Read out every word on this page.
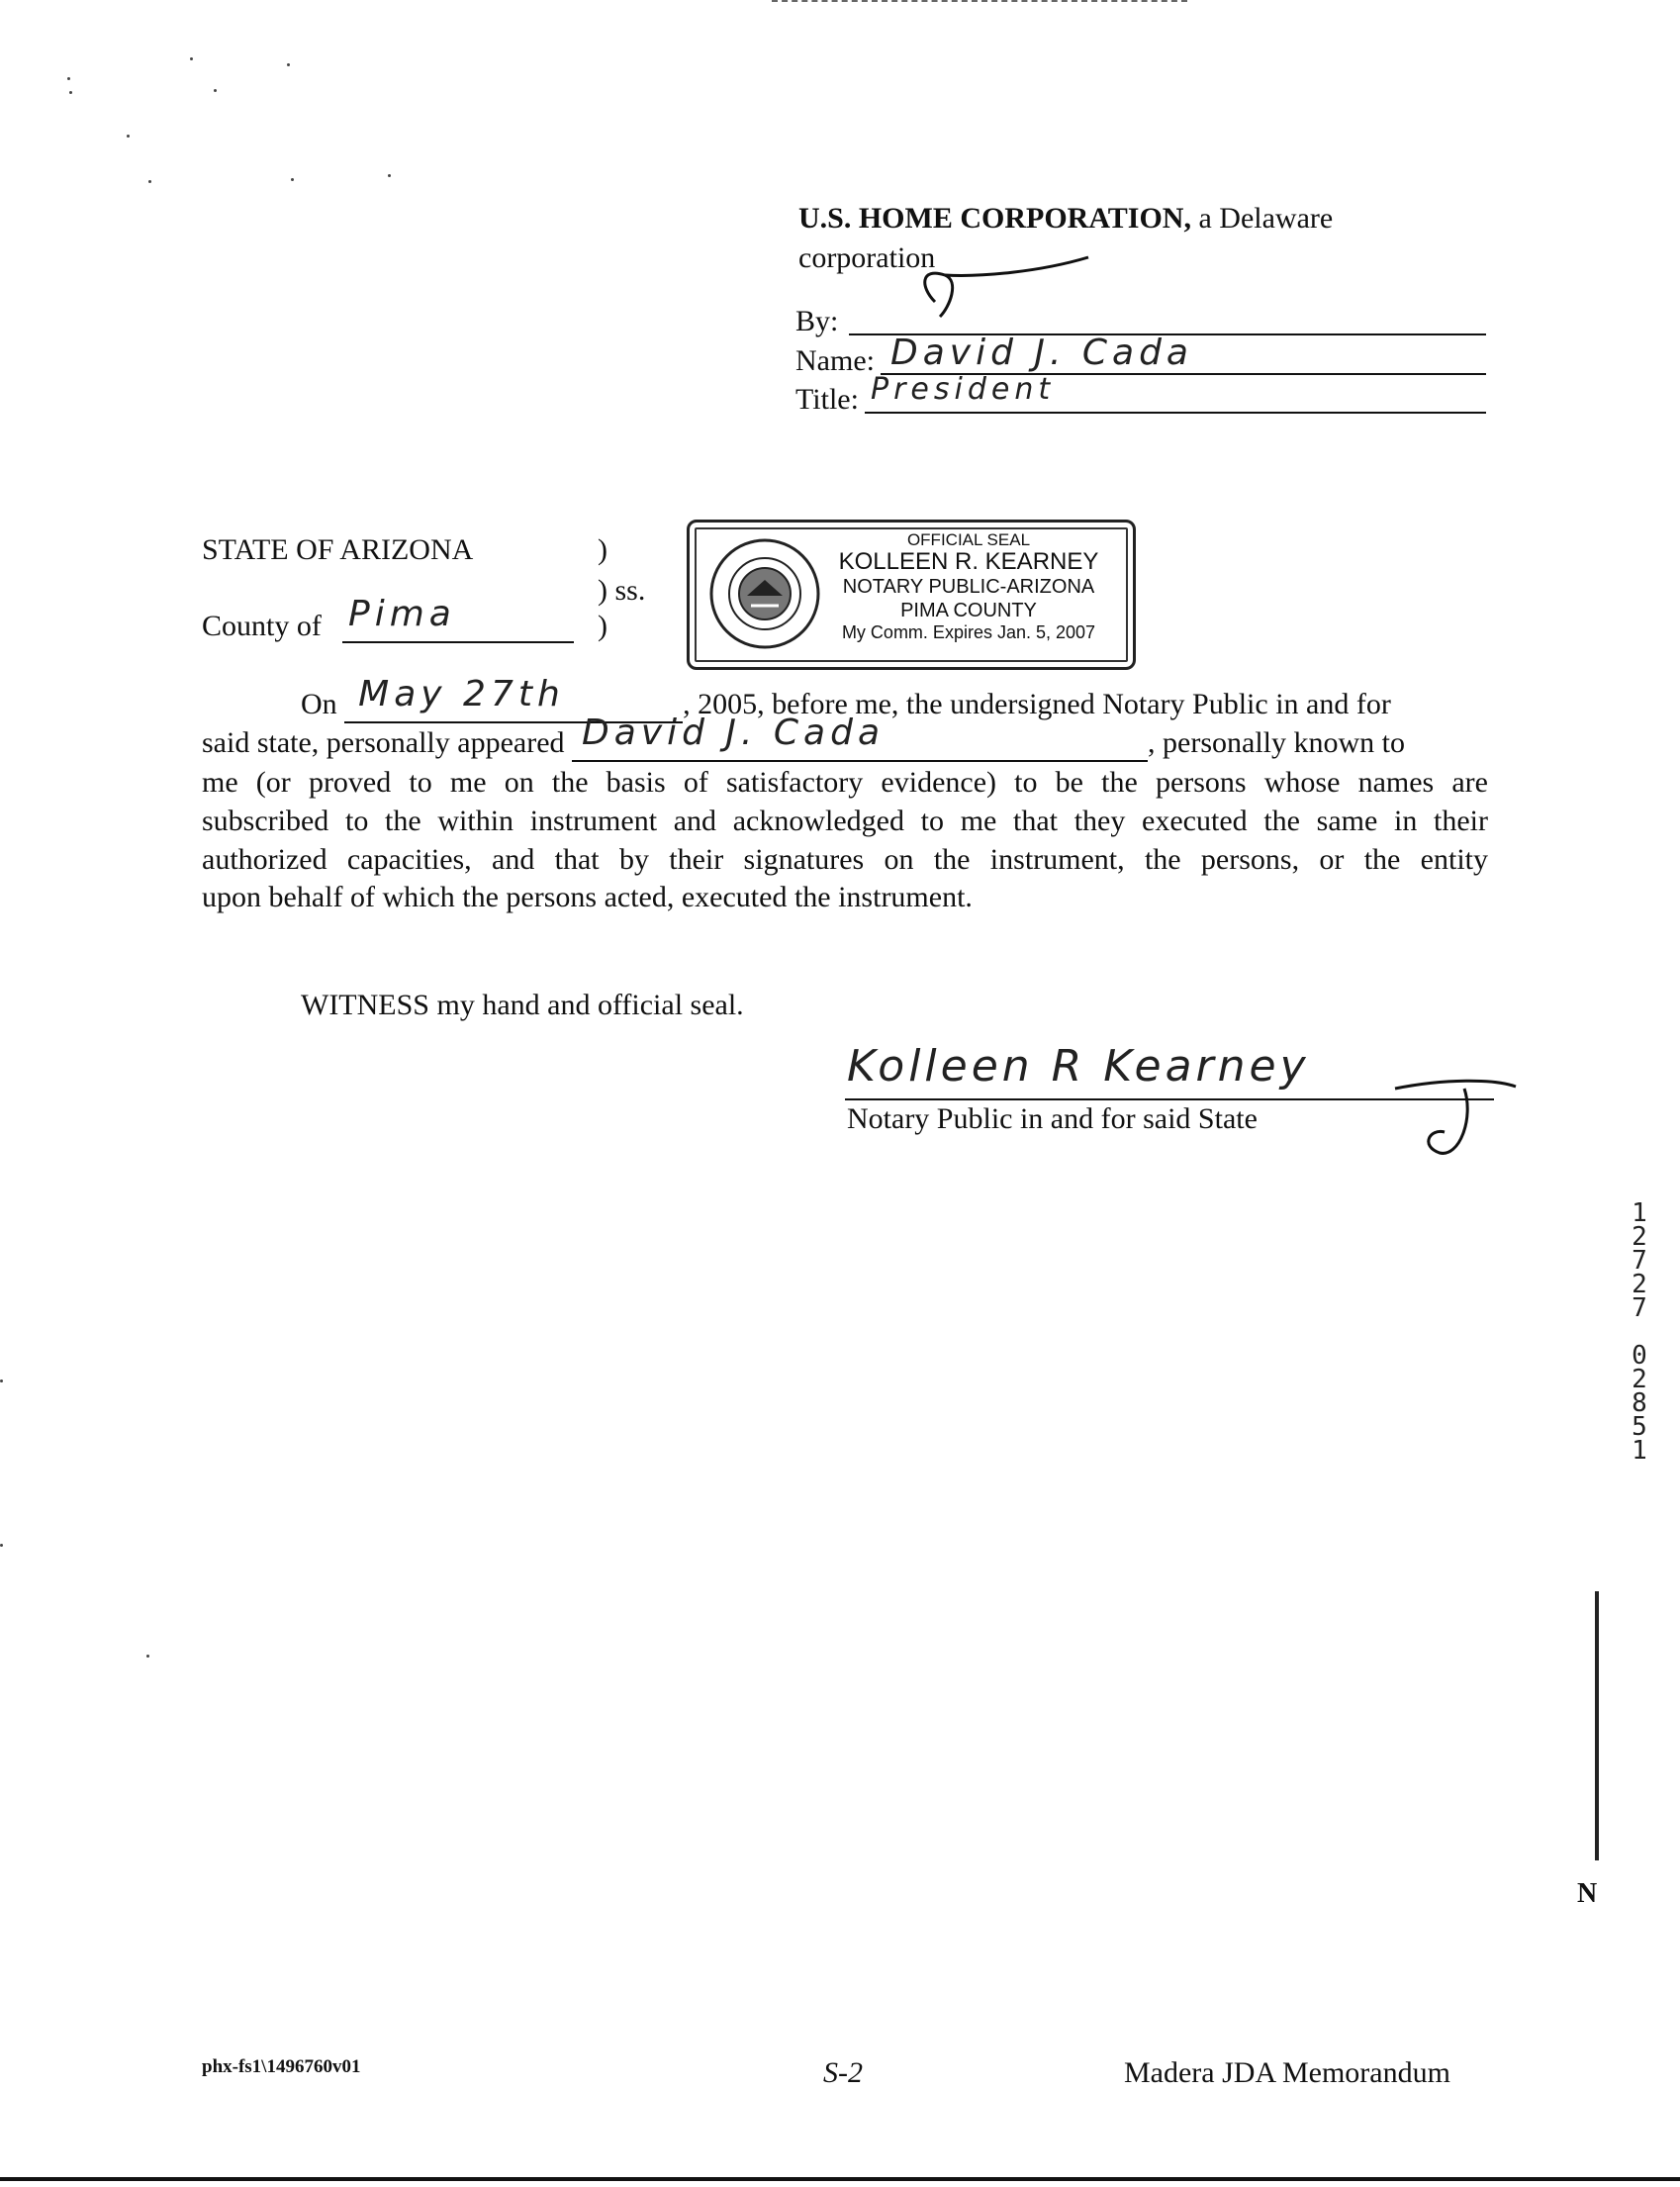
U.S. HOME CORPORATION, a Delaware
corporation
By:
Name: David J. Cada
Title: President
STATE OF ARIZONA	)
) ss.
County of Pima	)
OFFICIAL SEAL
KOLLEEN R. KEARNEY
NOTARY PUBLIC-ARIZONA
PIMA COUNTY
My Comm. Expires Jan. 5, 2007
On May 27th	, 2005, before me, the undersigned Notary Public in and for
said state, personally appeared David J. Cada	, personally known to
me (or proved to me on the basis of satisfactory evidence) to be the persons whose names are
subscribed to the within instrument and acknowledged to me that they executed the same in their
authorized capacities, and that by their signatures on the instrument, the persons, or the entity
upon behalf of which the persons acted, executed the instrument.
WITNESS my hand and official seal.
Kolleen R Kearney
Notary Public in and for said State
1
2
7
2
7

0
2
8
5
1
N
phx-fs1\1496760v01	S-2	Madera JDA Memorandum
